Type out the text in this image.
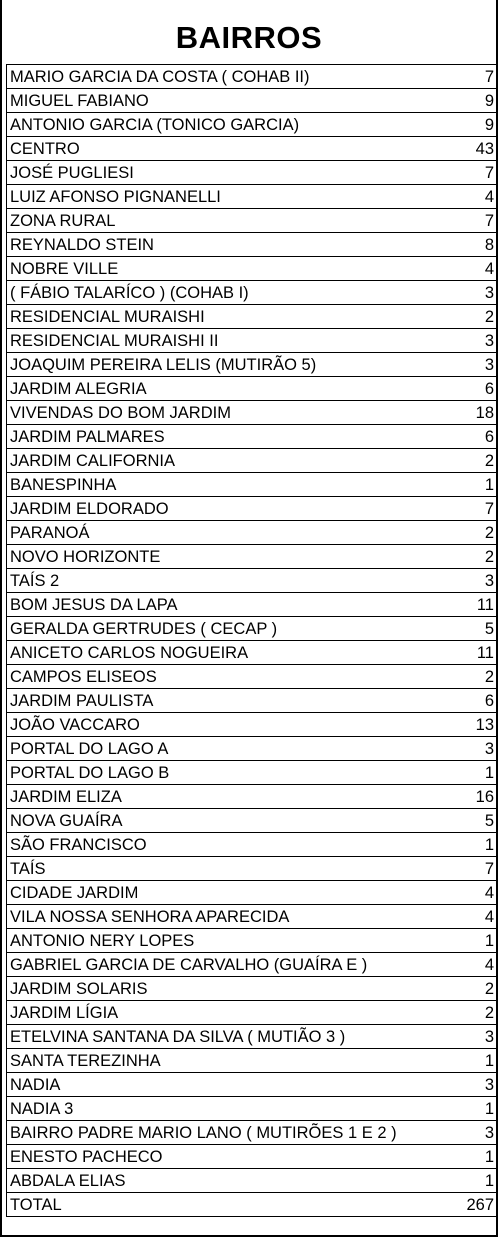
BAIRROS
MARIO GARCIA DA COSTA ( COHAB II)	7
MIGUEL FABIANO	9
ANTONIO GARCIA (TONICO GARCIA)	9
CENTRO	43
JOSÉ PUGLIESI	7
LUIZ AFONSO PIGNANELLI	4
ZONA RURAL	7
REYNALDO STEIN	8
NOBRE VILLE	4
( FÁBIO TALARÍCO ) (COHAB I)	3
RESIDENCIAL MURAISHI	2
RESIDENCIAL MURAISHI II	3
JOAQUIM PEREIRA LELIS (MUTIRÃO 5)	3
JARDIM ALEGRIA	6
VIVENDAS DO BOM JARDIM	18
JARDIM PALMARES	6
JARDIM CALIFORNIA	2
BANESPINHA	1
JARDIM ELDORADO	7
PARANOÁ	2
NOVO HORIZONTE	2
TAÍS 2	3
BOM JESUS DA LAPA	11
GERALDA GERTRUDES ( CECAP )	5
ANICETO CARLOS NOGUEIRA	11
CAMPOS ELISEOS	2
JARDIM PAULISTA	6
JOÃO VACCARO	13
PORTAL DO LAGO A	3
PORTAL DO LAGO B	1
JARDIM ELIZA	16
NOVA GUAÍRA	5
SÃO FRANCISCO	1
TAÍS	7
CIDADE JARDIM	4
VILA NOSSA SENHORA APARECIDA	4
ANTONIO NERY LOPES	1
GABRIEL GARCIA DE CARVALHO (GUAÍRA E )	4
JARDIM SOLARIS	2
JARDIM LÍGIA	2
ETELVINA SANTANA DA SILVA ( MUTIÃO 3 )	3
SANTA TEREZINHA	1
NADIA	3
NADIA 3	1
BAIRRO PADRE MARIO LANO ( MUTIRÕES 1 E 2 )	3
ENESTO PACHECO	1
ABDALA ELIAS	1
TOTAL	267
